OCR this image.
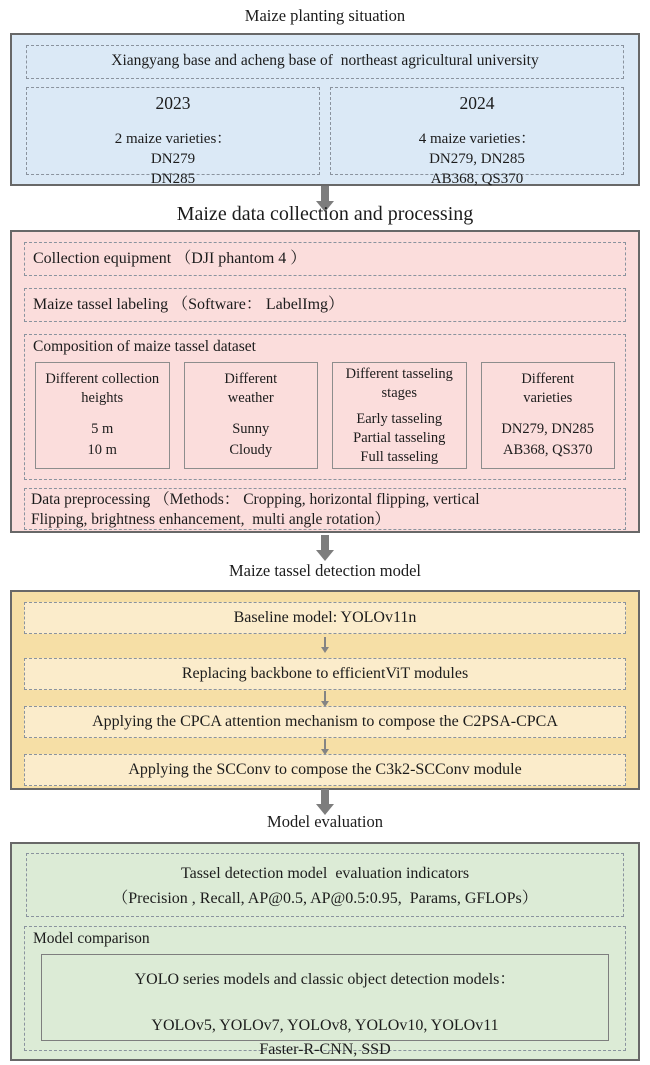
Maize planting situation
Xiangyang base and acheng base of  northeast agricultural university
2023
2 maize varieties：
DN279
DN285
2024
4 maize varieties：
DN279, DN285
AB368, QS370
Maize data collection and processing
Collection equipment （DJI phantom 4 ）
Maize tassel labeling （Software： LabelImg）
Composition of maize tassel dataset
Different collection
heights
5 m
10 m
Different
weather
Sunny
Cloudy
Different tasseling
stages
Early tasseling
Partial tasseling
Full tasseling
Different
varieties
DN279, DN285
AB368, QS370
Data preprocessing （Methods： Cropping, horizontal flipping, vertical
Flipping, brightness enhancement,  multi angle rotation）
Maize tassel detection model
Baseline model: YOLOv11n
Replacing backbone to efficientViT modules
Applying the CPCA attention mechanism to compose the C2PSA-CPCA
Applying the SCConv to compose the C3k2-SCConv module
Model evaluation
Tassel detection model  evaluation indicators
（Precision , Recall, AP@0.5, AP@0.5:0.95,  Params, GFLOPs）
Model comparison
YOLO series models and classic object detection models：
YOLOv5, YOLOv7, YOLOv8, YOLOv10, YOLOv11
Faster-R-CNN, SSD
